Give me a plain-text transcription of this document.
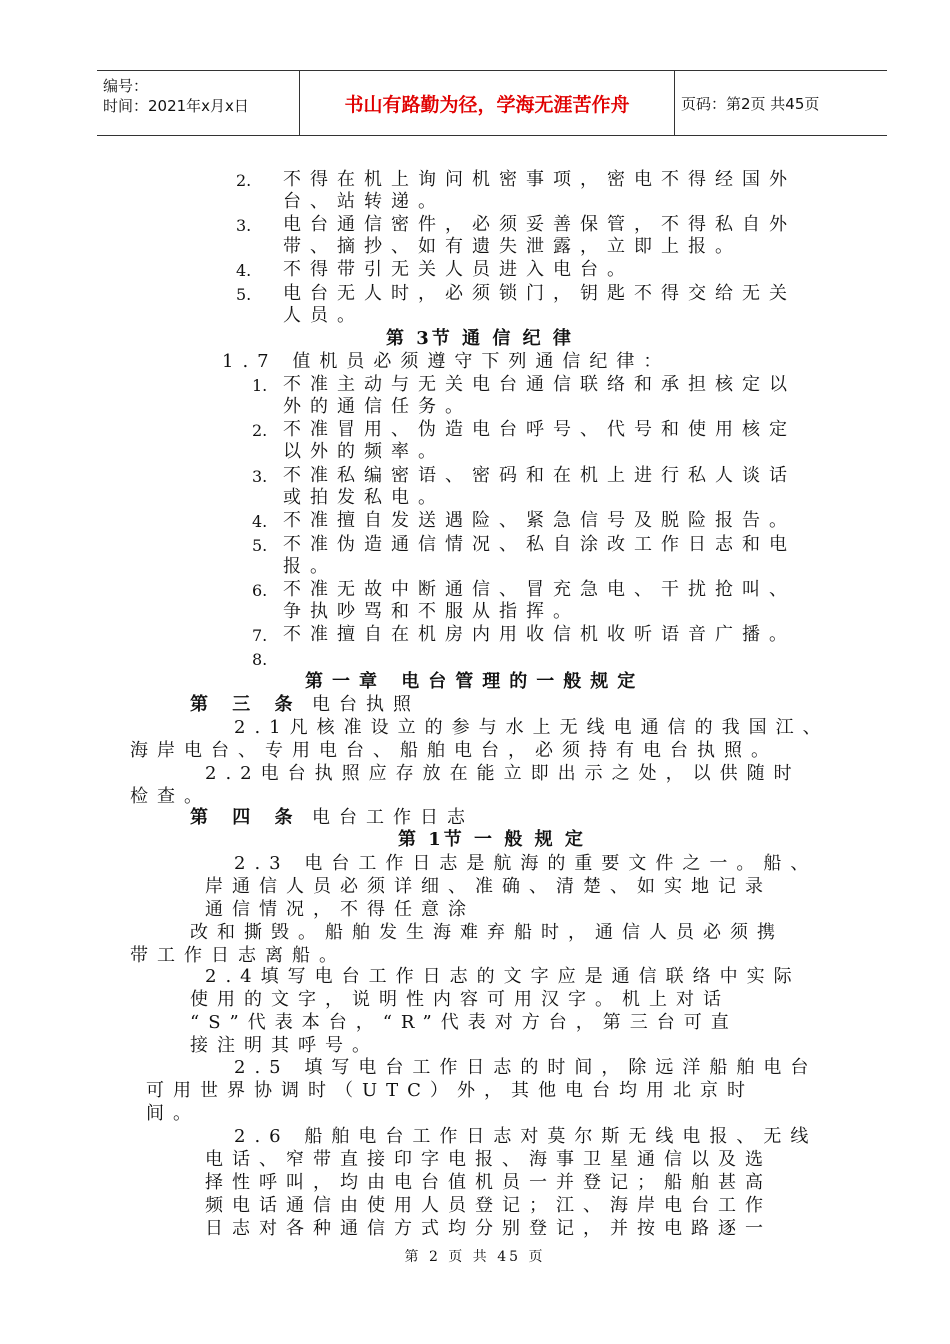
编号：
时间：2021年x月x日	书山有路勤为径，学海无涯苦作舟	页码：第2页 共45页
2. 不得在机上询问机密事项，密电不得经国外
台、站转递。
3. 电台通信密件，必须妥善保管，不得私自外
带、摘抄、如有遗失泄露，立即上报。
4. 不得带引无关人员进入电台。
5. 电台无人时，必须锁门，钥匙不得交给无关
人员。
第 3节 通 信 纪 律
1.7 值机员必须遵守下列通信纪律：
1. 不准主动与无关电台通信联络和承担核定以
外的通信任务。
2. 不准冒用、伪造电台呼号、代号和使用核定
以外的频率。
3. 不准私编密语、密码和在机上进行私人谈话
或拍发私电。
4. 不准擅自发送遇险、紧急信号及脱险报告。
5. 不准伪造通信情况、私自涂改工作日志和电
报。
6. 不准无故中断通信、冒充急电、干扰抢叫、
争执吵骂和不服从指挥。
7. 不准擅自在机房内用收信机收听语音广播。
8.
第一章 电台管理的一般规定
第 三 条 电台执照
2.1凡核准设立的参与水上无线电通信的我国江、
海岸电台、专用电台、船舶电台，必须持有电台执照。
2.2电台执照应存放在能立即出示之处，以供随时
检查。
第 四 条 电台工作日志
第 1节 一 般 规 定
2.3 电台工作日志是航海的重要文件之一。船、
岸通信人员必须详细、准确、清楚、如实地记录
通信情况，不得任意涂
改和撕毁。船舶发生海难弃船时，通信人员必须携
带工作日志离船。
2.4填写电台工作日志的文字应是通信联络中实际
使用的文字，说明性内容可用汉字。机上对话
“S”代表本台，“R”代表对方台，第三台可直
接注明其呼号。
2.5 填写电台工作日志的时间，除远洋船舶电台
可用世界协调时（UTC）外，其他电台均用北京时
间。
2.6 船舶电台工作日志对莫尔斯无线电报、无线
电话、窄带直接印字电报、海事卫星通信以及选
择性呼叫，均由电台值机员一并登记；船舶甚高
频电话通信由使用人员登记；江、海岸电台工作
日志对各种通信方式均分别登记，并按电路逐一
第 2 页 共 45 页
